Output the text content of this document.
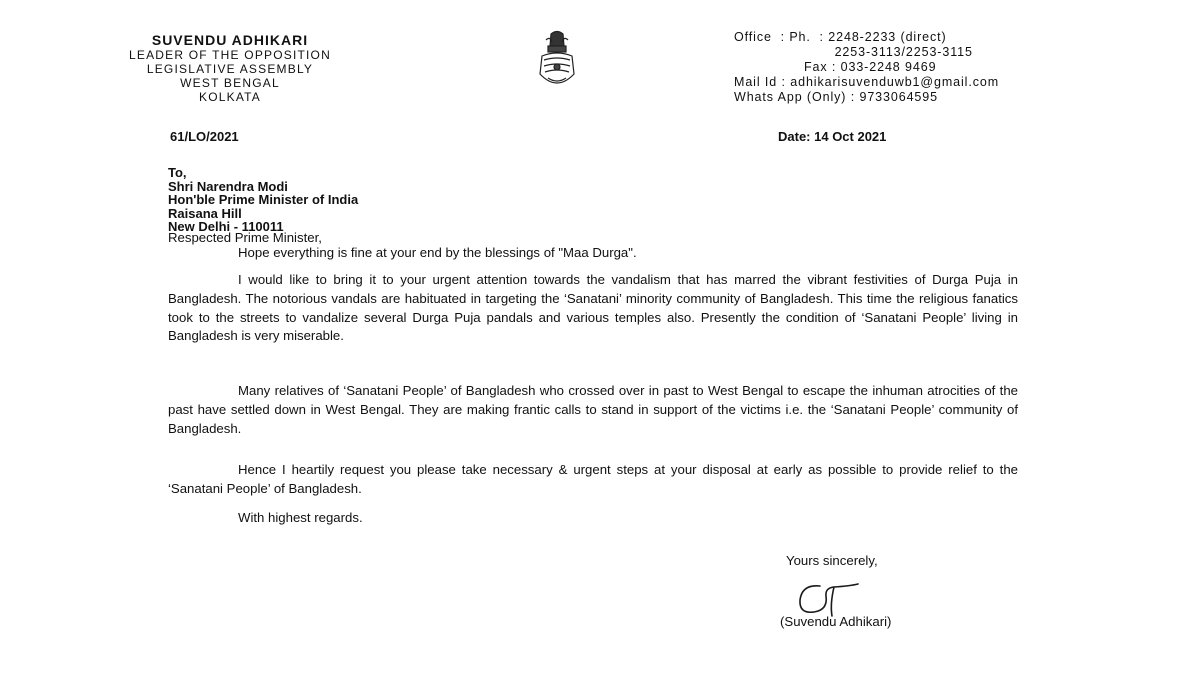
SUVENDU ADHIKARI
LEADER OF THE OPPOSITION
LEGISLATIVE ASSEMBLY
WEST BENGAL
KOLKATA
Office  : Ph.  : 2248-2233 (direct)
2253-3113/2253-3115
Fax : 033-2248 9469
Mail Id : adhikarisuvenduwb1@gmail.com
Whats App (Only) : 9733064595
61/LO/2021	Date: 14 Oct 2021
To,
Shri Narendra Modi
Hon'ble Prime Minister of India
Raisana Hill
New Delhi - 110011
Respected Prime Minister,
Hope everything is fine at your end by the blessings of "Maa Durga".
I would like to bring it to your urgent attention towards the vandalism that has marred the vibrant festivities of Durga Puja in Bangladesh. The notorious vandals are habituated in targeting the ‘Sanatani’ minority community of Bangladesh. This time the religious fanatics took to the streets to vandalize several Durga Puja pandals and various temples also. Presently the condition of ‘Sanatani People’ living in Bangladesh is very miserable.
Many relatives of ‘Sanatani People’ of Bangladesh who crossed over in past to West Bengal to escape the inhuman atrocities of the past have settled down in West Bengal. They are making frantic calls to stand in support of the victims i.e. the ‘Sanatani People’ community of Bangladesh.
Hence I heartily request you please take necessary & urgent steps at your disposal at early as possible to provide relief to the ‘Sanatani People’ of Bangladesh.
With highest regards.
Yours sincerely,
(Suvendu Adhikari)
